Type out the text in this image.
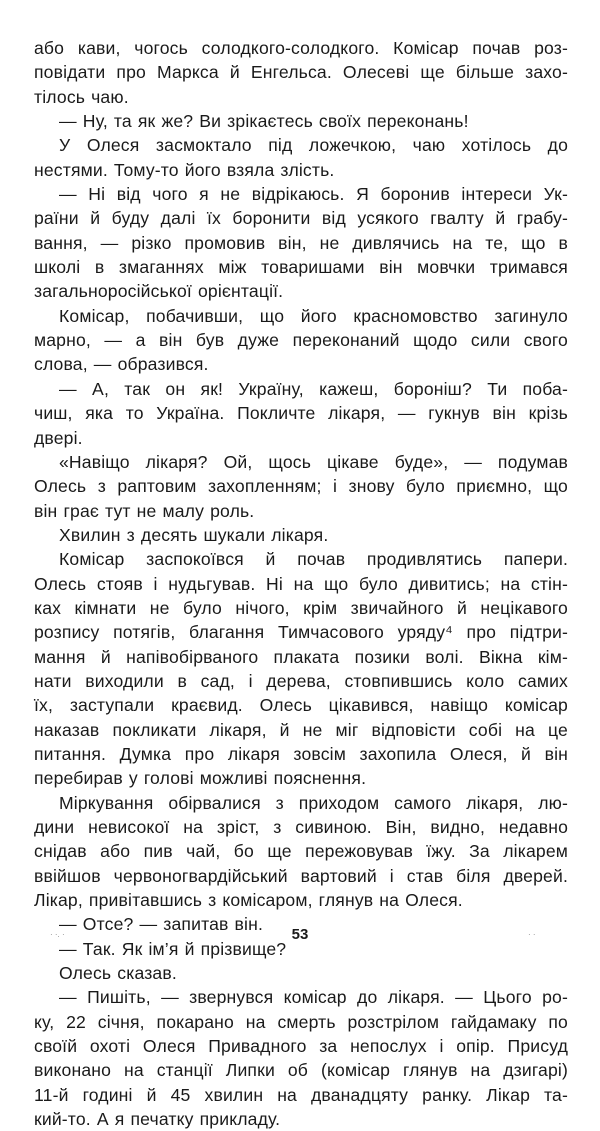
або кави, чогось солодкого-солодкого. Комісар почав роз-
повідати про Маркса й Енгельса. Олесеві ще більше захо-
тілось чаю.
— Ну, та як же? Ви зрікаєтесь своїх переконань!
У Олеся засмоктало під ложечкою, чаю хотілось до
нестями. Тому-то його взяла злість.
— Ні від чого я не відрікаюсь. Я боронив інтереси Ук-
раїни й буду далі їх боронити від усякого гвалту й грабу-
вання, — різко промовив він, не дивлячись на те, що в
школі в змаганнях між товаришами він мовчки тримався
загальноросійської орієнтації.
Комісар, побачивши, що його красномовство загинуло
марно, — а він був дуже переконаний щодо сили свого
слова, — образився.
— А, так он як! Україну, кажеш, бороніш? Ти поба-
чиш, яка то Україна. Покличте лікаря, — гукнув він крізь
двері.
«Навіщо лікаря? Ой, щось цікаве буде», — подумав
Олесь з раптовим захопленням; і знову було приємно, що
він грає тут не малу роль.
Хвилин з десять шукали лікаря.
Комісар заспокоївся й почав продивлятись папери.
Олесь стояв і нудьгував. Ні на що було дивитись; на стін-
ках кімнати не було нічого, крім звичайного й нецікавого
розпису потягів, благання Тимчасового уряду⁴ про підтри-
мання й напівобірваного плаката позики волі. Вікна кім-
нати виходили в сад, і дерева, стовпившись коло самих
їх, заступали краєвид. Олесь цікавився, навіщо комісар
наказав покликати лікаря, й не міг відповісти собі на це
питання. Думка про лікаря зовсім захопила Олеся, й він
перебирав у голові можливі пояснення.
Міркування обірвалися з приходом самого лікаря, лю-
дини невисокої на зріст, з сивиною. Він, видно, недавно
снідав або пив чай, бо ще пережовував їжу. За лікарем
ввійшов червоногвардійський вартовий і став біля дверей.
Лікар, привітавшись з комісаром, глянув на Олеся.
— Отсе? — запитав він.
— Так. Як ім’я й прізвище?
Олесь сказав.
— Пишіть, — звернувся комісар до лікаря. — Цього ро-
ку, 22 січня, покарано на смерть розстрілом гайдамаку по
своїй охоті Олеся Привадного за непослух і опір. Присуд
виконано на станції Липки об (комісар глянув на дзигарі)
11-й годині й 45 хвилин на дванадцяту ранку. Лікар та-
кий-то. А я печатку прикладу.
53
· ·. ·	· ·
